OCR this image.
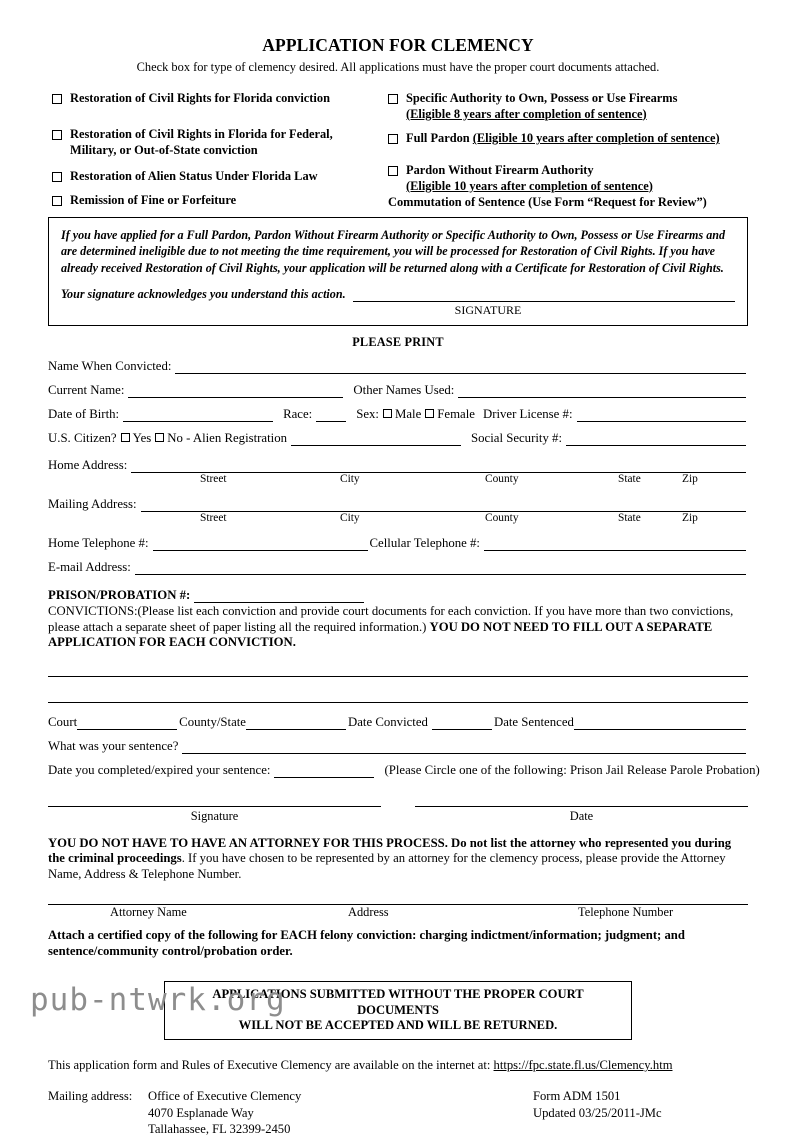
APPLICATION FOR CLEMENCY
Check box for type of clemency desired. All applications must have the proper court documents attached.
Restoration of Civil Rights for Florida conviction
Restoration of Civil Rights in Florida for Federal, Military, or Out-of-State conviction
Restoration of Alien Status Under Florida Law
Remission of Fine or Forfeiture
Specific Authority to Own, Possess or Use Firearms
(Eligible 8 years after completion of sentence)
Full Pardon (Eligible 10 years after completion of sentence)
Pardon Without Firearm Authority
(Eligible 10 years after completion of sentence)
Commutation of Sentence (Use Form “Request for Review”)
If you have applied for a Full Pardon, Pardon Without Firearm Authority or Specific Authority to Own, Possess or Use Firearms and are determined ineligible due to not meeting the time requirement, you will be processed for Restoration of Civil Rights. If you have already received Restoration of Civil Rights, your application will be returned along with a Certificate for Restoration of Civil Rights.
Your signature acknowledges you understand this action.
SIGNATURE
PLEASE PRINT
Name When Convicted:
Current Name:	Other Names Used:
Date of Birth:	Race:	Sex: Male Female Driver License #:
U.S. Citizen? Yes No - Alien Registration	Social Security #:
Home Address:
Street	City	County	State	Zip
Mailing Address:
Street	City	County	State	Zip
Home Telephone #:	Cellular Telephone #:
E-mail Address:
PRISON/PROBATION #:
CONVICTIONS:(Please list each conviction and provide court documents for each conviction. If you have more than two convictions, please attach a separate sheet of paper listing all the required information.) YOU DO NOT NEED TO FILL OUT A SEPARATE APPLICATION FOR EACH CONVICTION.
Court	County/State	Date Convicted	Date Sentenced
What was your sentence?
Date you completed/expired your sentence:	(Please Circle one of the following: Prison Jail Release Parole Probation)
Signature	Date
YOU DO NOT HAVE TO HAVE AN ATTORNEY FOR THIS PROCESS. Do not list the attorney who represented you during the criminal proceedings. If you have chosen to be represented by an attorney for the clemency process, please provide the Attorney Name, Address & Telephone Number.
Attorney Name	Address	Telephone Number
Attach a certified copy of the following for EACH felony conviction: charging indictment/information; judgment; and sentence/community control/probation order.
APPLICATIONS SUBMITTED WITHOUT THE PROPER COURT DOCUMENTS
WILL NOT BE ACCEPTED AND WILL BE RETURNED.
This application form and Rules of Executive Clemency are available on the internet at: https://fpc.state.fl.us/Clemency.htm
Mailing address: Office of Executive Clemency
4070 Esplanade Way
Tallahassee, FL 32399-2450
Form ADM 1501
Updated 03/25/2011-JMc
pub-ntwrk.org
